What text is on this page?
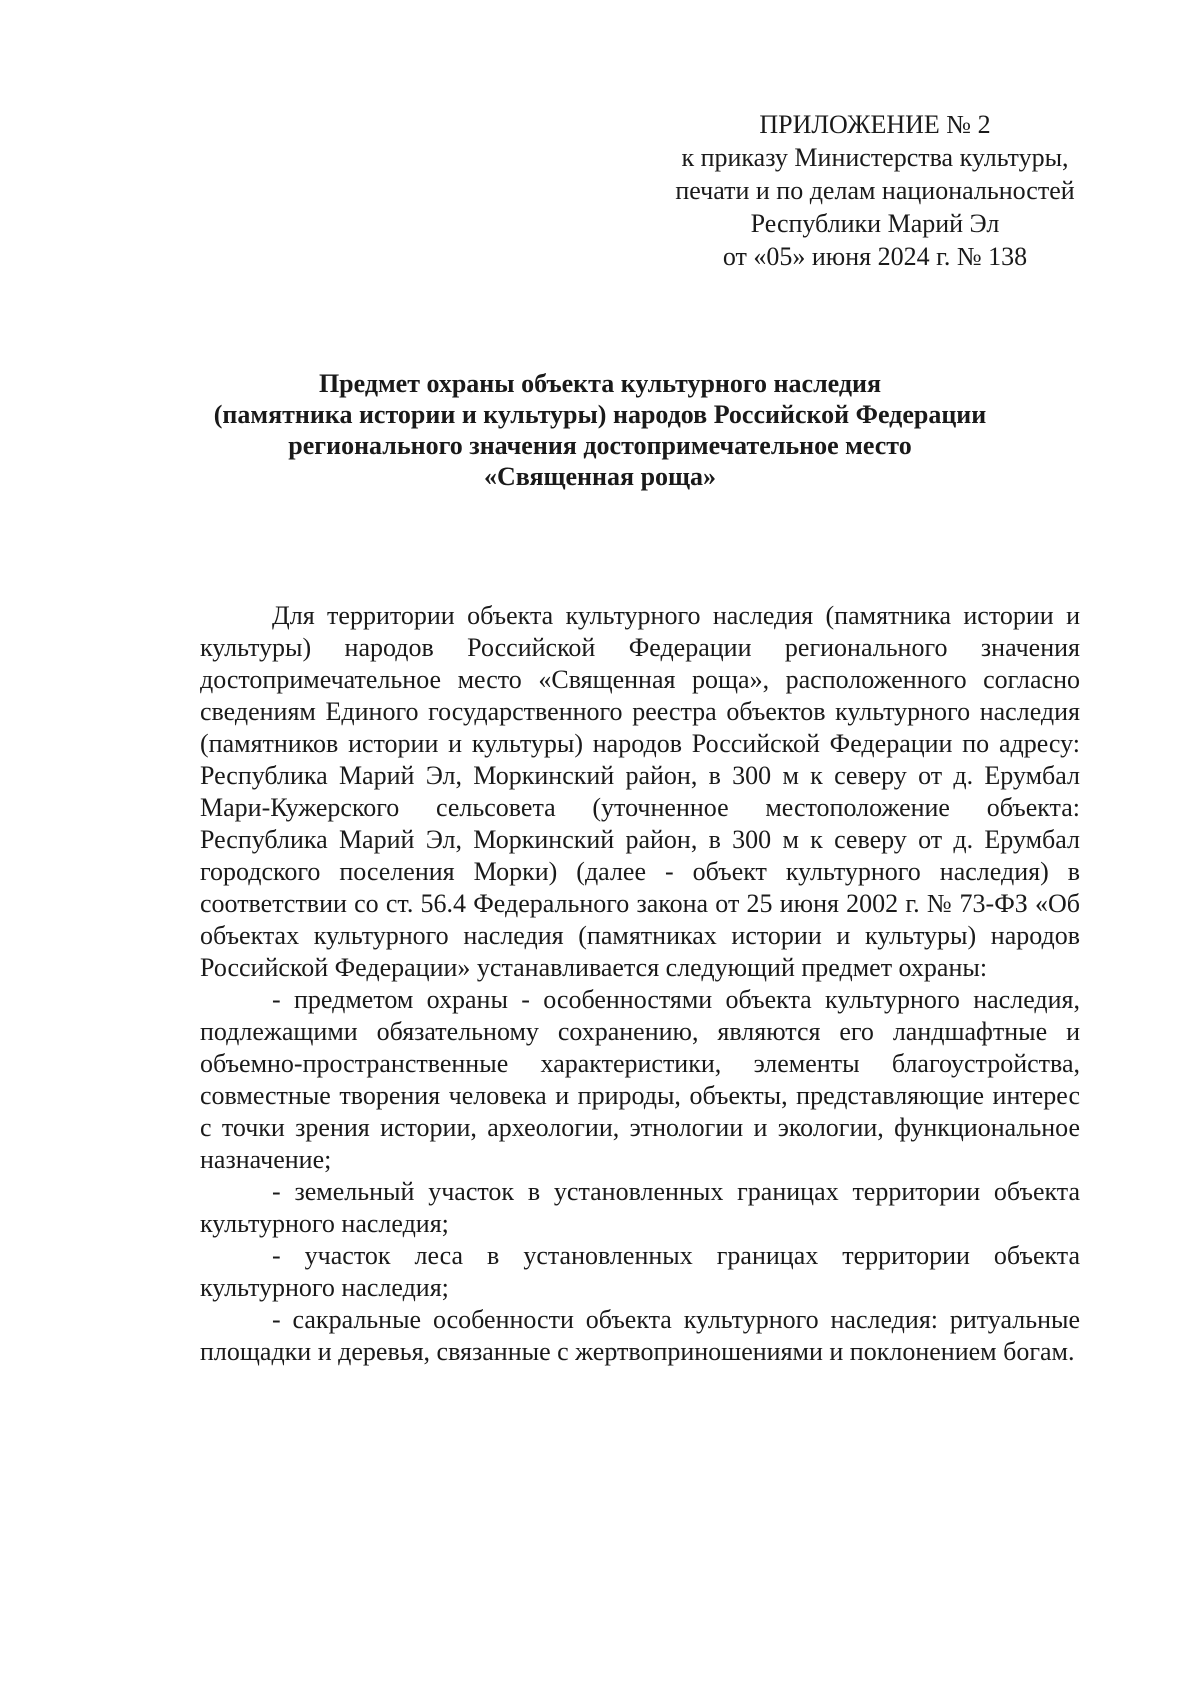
ПРИЛОЖЕНИЕ № 2
к приказу Министерства культуры,
печати и по делам национальностей
Республики Марий Эл
от «05» июня 2024 г. № 138
Предмет охраны объекта культурного наследия
(памятника истории и культуры) народов Российской Федерации
регионального значения достопримечательное место
«Священная роща»

Для территории объекта культурного наследия (памятника истории и культуры) народов Российской Федерации регионального значения достопримечательное место «Священная роща», расположенного согласно сведениям Единого государственного реестра объектов культурного наследия (памятников истории и культуры) народов Российской Федерации по адресу: Республика Марий Эл, Моркинский район, в 300 м к северу от д. Ерумбал Мари-Кужерского сельсовета (уточненное местоположение объекта: Республика Марий Эл, Моркинский район, в 300 м к северу от д. Ерумбал городского поселения Морки) (далее - объект культурного наследия) в соответствии со ст. 56.4 Федерального закона от 25 июня 2002 г. № 73-ФЗ «Об объектах культурного наследия (памятниках истории и культуры) народов Российской Федерации» устанавливается следующий предмет охраны:

- предметом охраны - особенностями объекта культурного наследия, подлежащими обязательному сохранению, являются его ландшафтные и объемно-пространственные характеристики, элементы благоустройства, совместные творения человека и природы, объекты, представляющие интерес с точки зрения истории, археологии, этнологии и экологии, функциональное назначение;

- земельный участок в установленных границах территории объекта культурного наследия;

- участок леса в установленных границах территории объекта культурного наследия;

- сакральные особенности объекта культурного наследия: ритуальные площадки и деревья, связанные с жертвоприношениями и поклонением богам.
